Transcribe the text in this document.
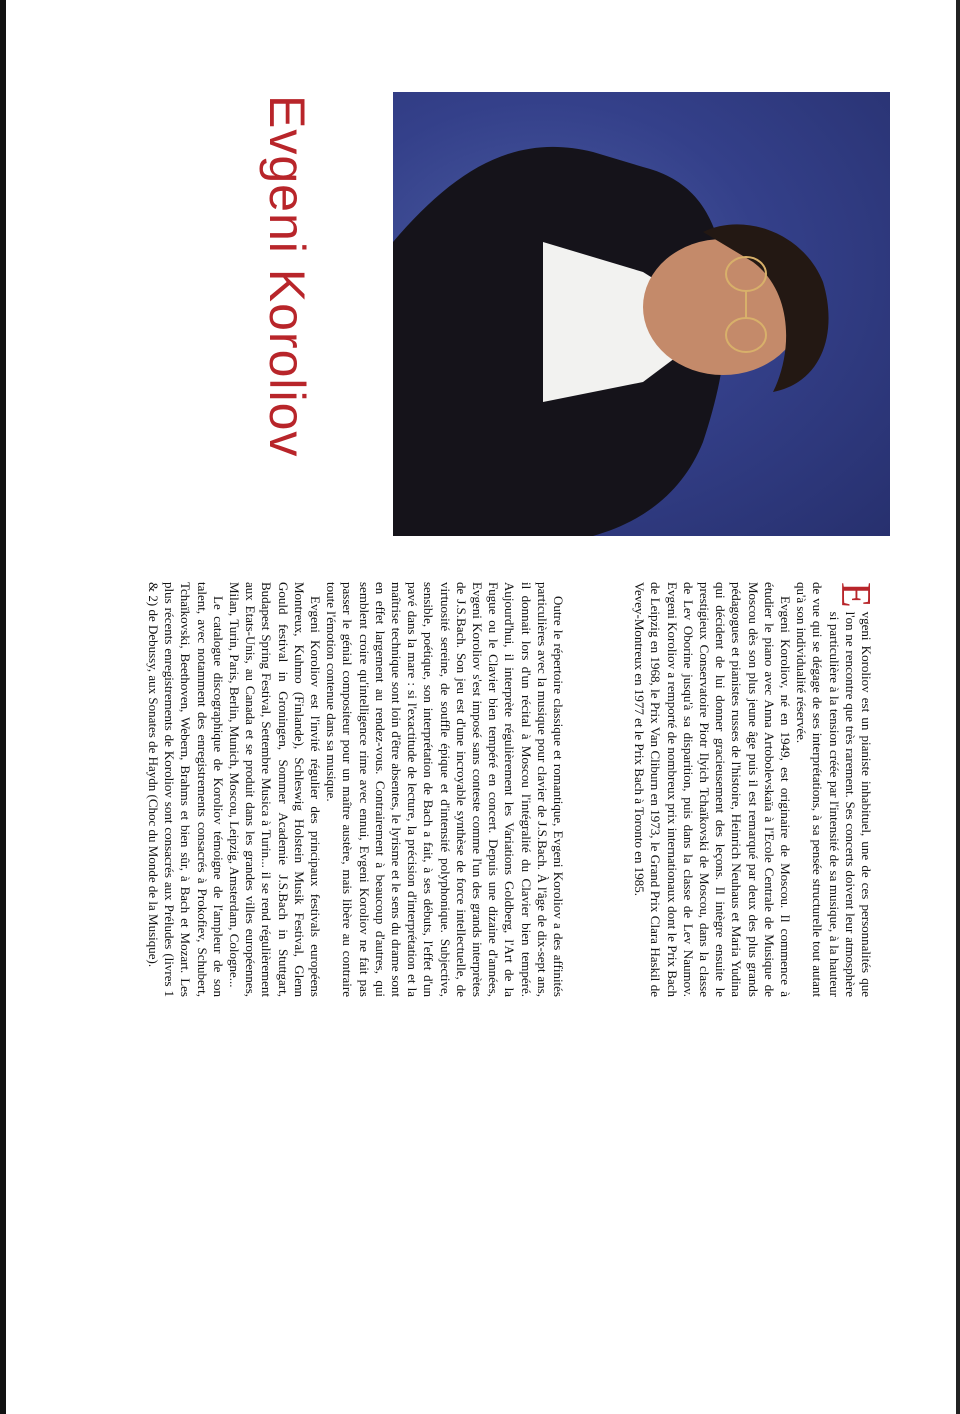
Evgeni Koroliov

E
vgeni Koroliov est un pianiste inhabituel, une de ces personnalités que l'on ne rencontre que très rarement. Ses concerts doivent leur atmosphère si particulière à la tension créée par l'intensité de sa musique, à la hauteur de vue qui se dégage de ses interprétations, à sa pensée structurelle tout autant qu'à son individualité réservée.

Evgeni Koroliov, né en 1949, est originaire de Moscou. Il commence à étudier le piano avec Anna Artobolevskaïa à l'Ecole Centrale de Musique de Moscou dès son plus jeune âge puis il est remarqué par deux des plus grands pédagogues et pianistes russes de l'histoire, Heinrich Neuhaus et Maria Yudina qui décident de lui donner gracieusement des leçons. Il intègre ensuite le prestigieux Conservatoire Piotr Ilyich Tchaïkovski de Moscou, dans la classe de Lev Oborine jusqu'à sa disparition, puis dans la classe de Lev Naumov. Evgeni Koroliov a remporté de nombreux prix internationaux dont le Prix Bach de Leipzig en 1968, le Prix Van Cliburn en 1973, le Grand Prix Clara Haskil de Vevey-Montreux en 1977 et le Prix Bach à Toronto en 1985.

Outre le répertoire classique et romantique, Evgeni Koroliov a des affinités particulières avec la musique pour clavier de J.S.Bach. À l'âge de dix-sept ans, il donnait lors d'un récital à Moscou l'intégralité du Clavier bien tempéré. Aujourd'hui, il interprète régulièrement les Variations Goldberg, l'Art de la Fugue ou le Clavier bien tempéré en concert. Depuis une dizaine d'années, Evgeni Koroliov s'est imposé sans conteste comme l'un des grands interprètes de J.S.Bach. Son jeu est d'une incroyable synthèse de force intellectuelle, de virtuosité sereine, de souffle épique et d'intensité polyphonique. Subjective, sensible, poétique, son interprétation de Bach a fait, à ses débuts, l'effet d'un pavé dans la mare : si l'exactitude de lecture, la précision d'interprétation et la maîtrise technique sont loin d'être absentes, le lyrisme et le sens du drame sont en effet largement au rendez-vous. Contrairement à beaucoup d'autres, qui semblent croire qu'intelligence rime avec ennui, Evgeni Koroliov ne fait pas passer le génial compositeur pour un maître austère, mais libère au contraire toute l'émotion contenue dans sa musique.

Evgeni Koroliov est l'invité régulier des principaux festivals européens Montreux, Kuhmo (Finlande), Schleswig Holstein Musik Festival, Glenn Gould festival in Groningen, Sommer Academie J.S.Bach in Stuttgart, Budapest Spring Festival, Settembre Musica à Turin... il se rend régulièrement aux Etats-Unis, au Canada et se produit dans les grandes villes européennes, Milan, Turin, Paris, Berlin, Munich, Moscou, Leipzig, Amsterdam, Cologne...

Le catalogue discographique de Koroliov témoigne de l'ampleur de son talent, avec notamment des enregistrements consacrés à Prokofiev, Schubert, Tchaïkovski, Beethoven, Webern, Brahms et bien sûr, à Bach et Mozart. Les plus récents enregistrements de Koroliov sont consacrés aux Préludes (livres 1 & 2) de Debussy, aux Sonates de Haydn (Choc du Monde de la Musique).
